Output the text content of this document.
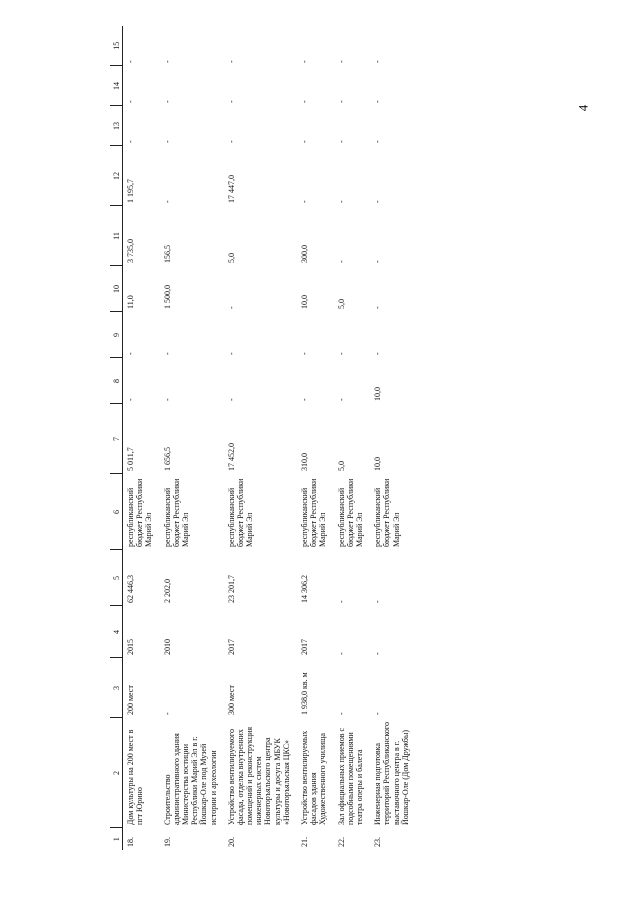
4
1	2	3	4	5	6	7	8	9	10	11	12	13	14	15
18.	Дом культуры на 200 мест в пгт Юрино	200 мест	2015	62 446,3	республиканский бюджет Республики Марий Эл	5 011,7	-	-	11,0	3 735,0	1 195,7	-	-	-
19.	Строительство административного здания Министерства юстиции Республики Марий Эл в г. Йошкар-Оле под Музей истории и археологии	-	2010	2 202,0	республиканский бюджет Республики Марий Эл	1 656,5	-	-	1 500,0	156,5	-	-	-	-
20.	Устройство вентилируемого фасада, отделка внутренних помещений и реконструкция инженерных систем Новоторъяльского центра культуры и досуга МБУК «Новоторъяльская ЦКС»	300 мест	2017	23 201,7	республиканский бюджет Республики Марий Эл	17 452,0	-	-	-	5,0	17 447,0	-	-	-
21.	Устройство вентилируемых фасадов здания Художественного училища	1 938,0 кв. м	2017	14 306,2	республиканский бюджет Республики Марий Эл	310,0	-	-	10,0	300,0	-	-	-	-
22.	Зал официальных приемов с подсобными помещениями театра оперы и балета	-	-	-	республиканский бюджет Республики Марий Эл	5,0	-	-	5,0	-	-	-	-	-
23.	Инженерная подготовка территорий Республиканского выставочного центра в г. Йошкар-Оле (Дом Дружбы)	-	-	-	республиканский бюджет Республики Марий Эл	10,0	10,0	-	-	-	-	-	-	-
